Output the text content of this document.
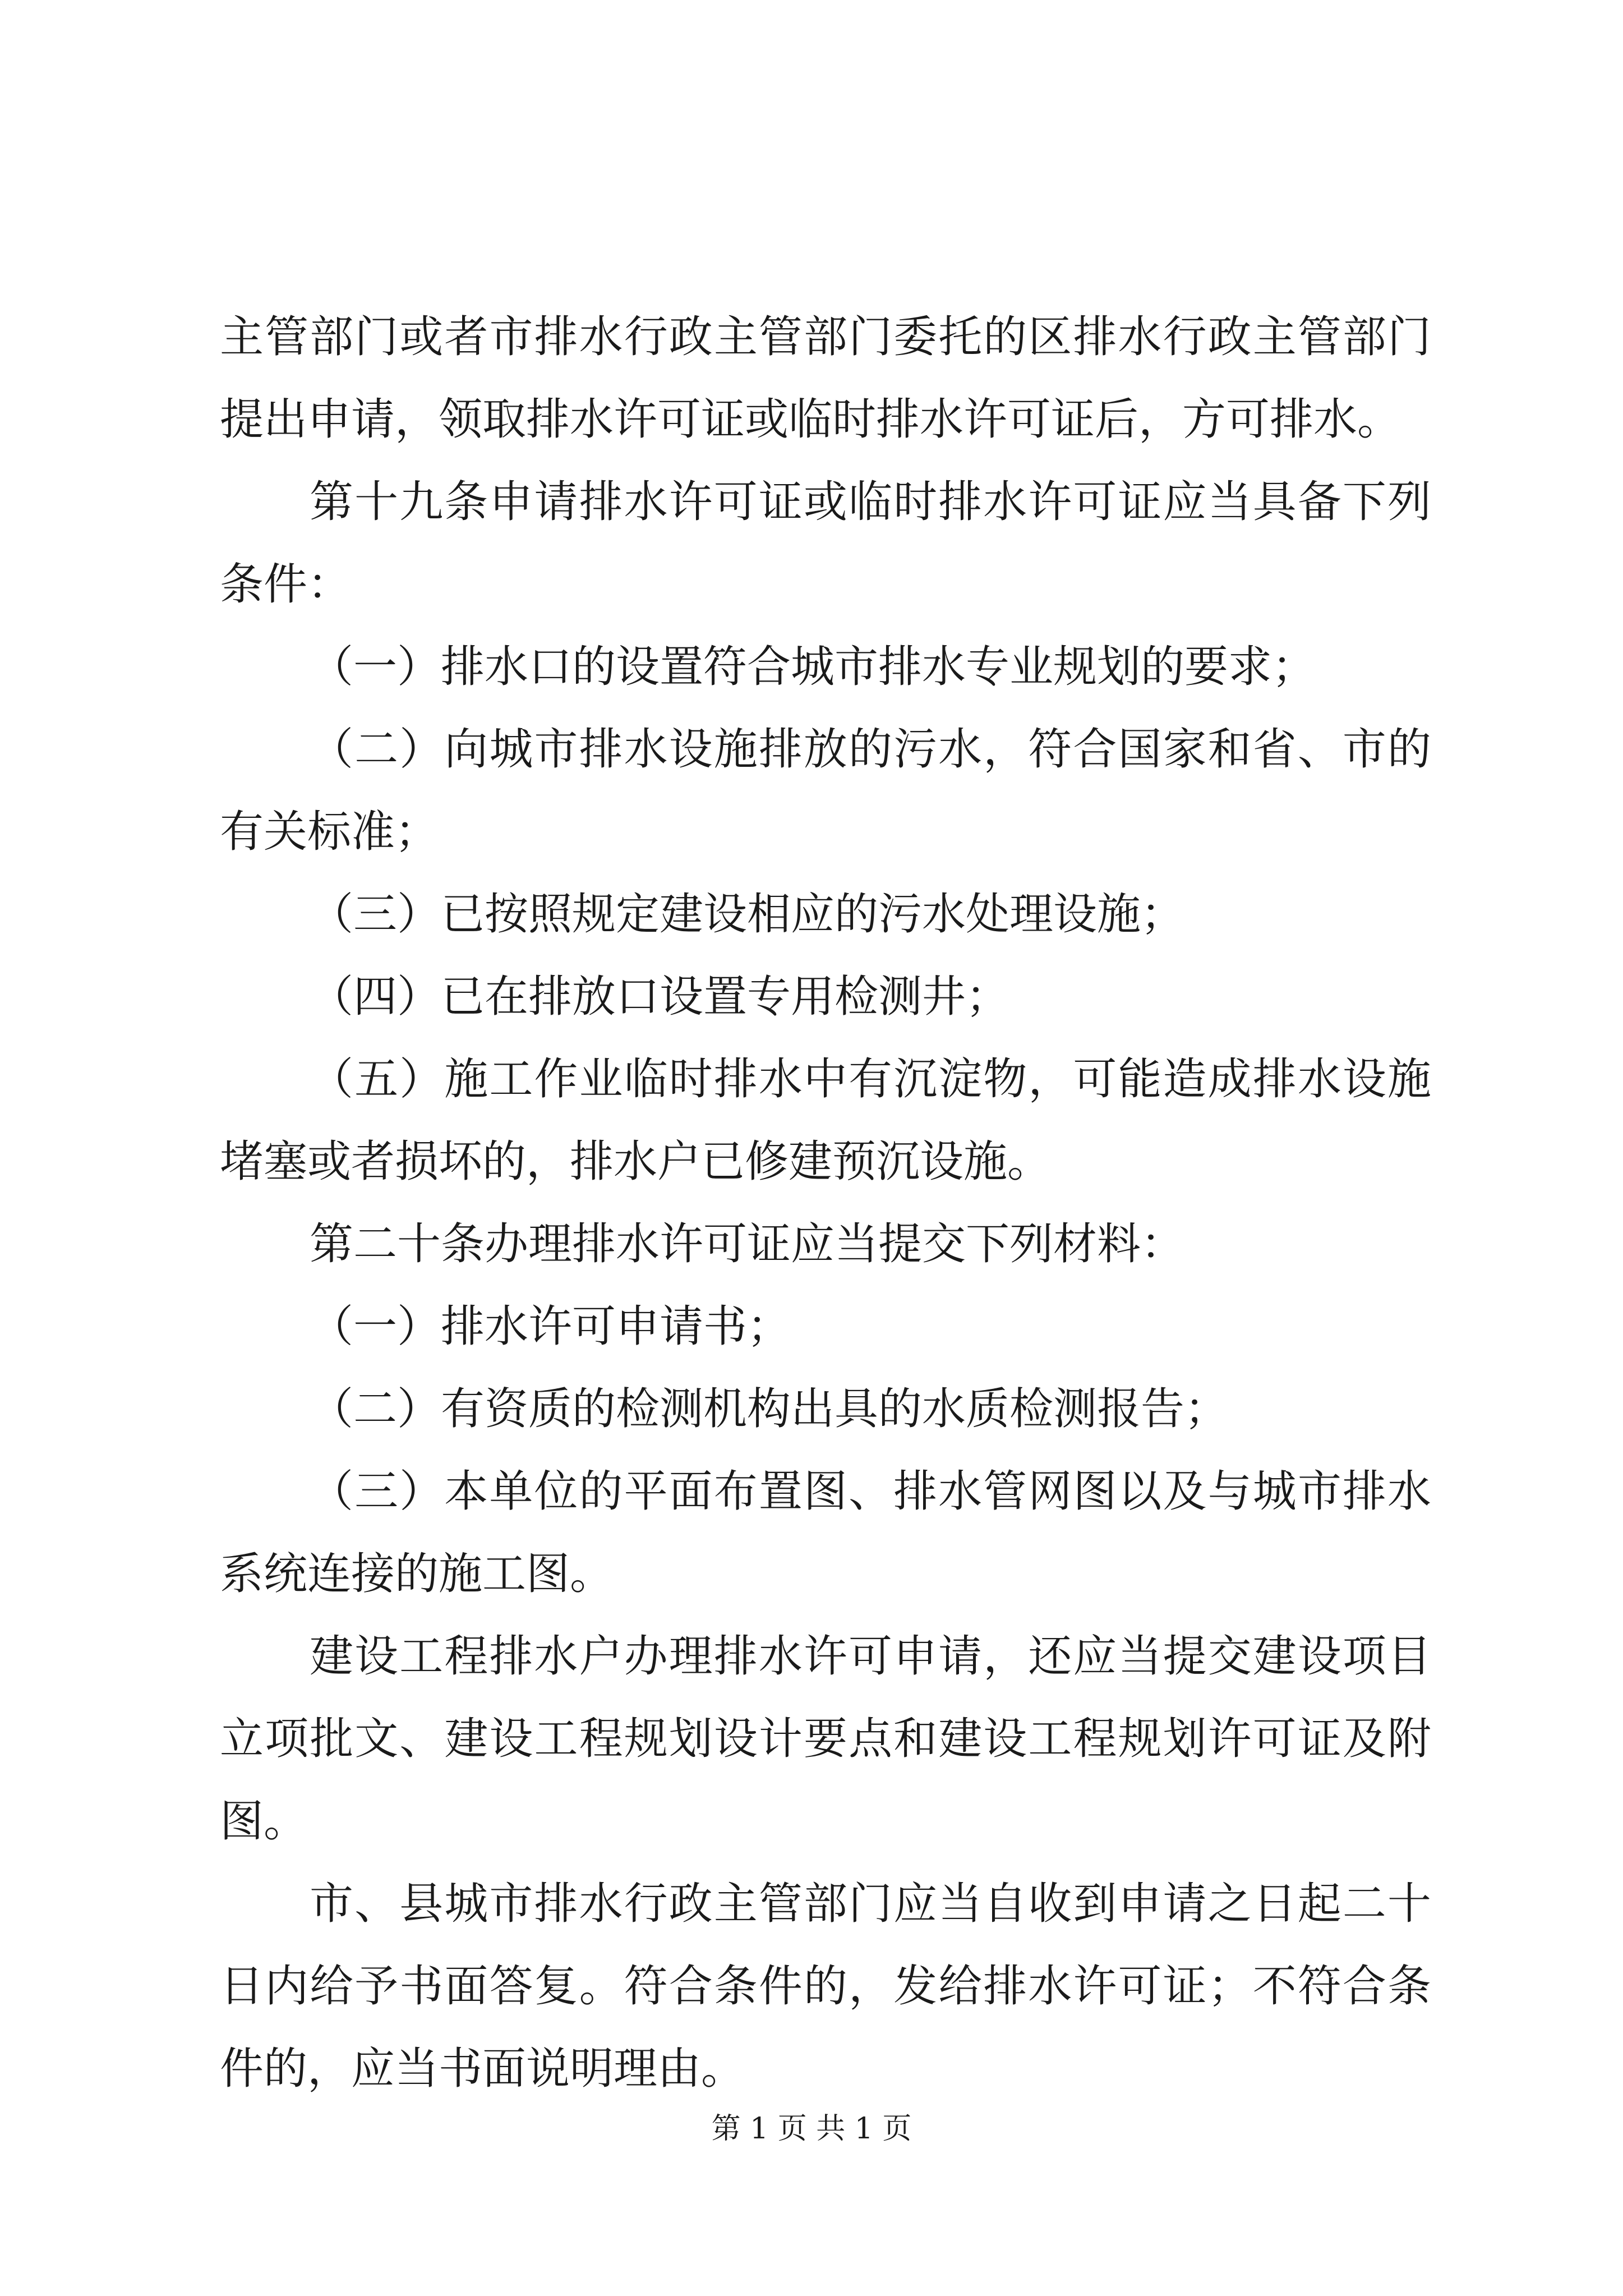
主管部门或者市排水行政主管部门委托的区排水行政主管部门提出申请，领取排水许可证或临时排水许可证后，方可排水。

第十九条申请排水许可证或临时排水许可证应当具备下列条件：

（一）排水口的设置符合城市排水专业规划的要求；

（二）向城市排水设施排放的污水，符合国家和省、市的有关标准；

（三）已按照规定建设相应的污水处理设施；

（四）已在排放口设置专用检测井；

（五）施工作业临时排水中有沉淀物，可能造成排水设施堵塞或者损坏的，排水户已修建预沉设施。

第二十条办理排水许可证应当提交下列材料：

（一）排水许可申请书；

（二）有资质的检测机构出具的水质检测报告；

（三）本单位的平面布置图、排水管网图以及与城市排水系统连接的施工图。

建设工程排水户办理排水许可申请，还应当提交建设项目立项批文、建设工程规划设计要点和建设工程规划许可证及附图。

市、县城市排水行政主管部门应当自收到申请之日起二十日内给予书面答复。符合条件的，发给排水许可证；不符合条件的，应当书面说明理由。

第 1 页 共 1 页
